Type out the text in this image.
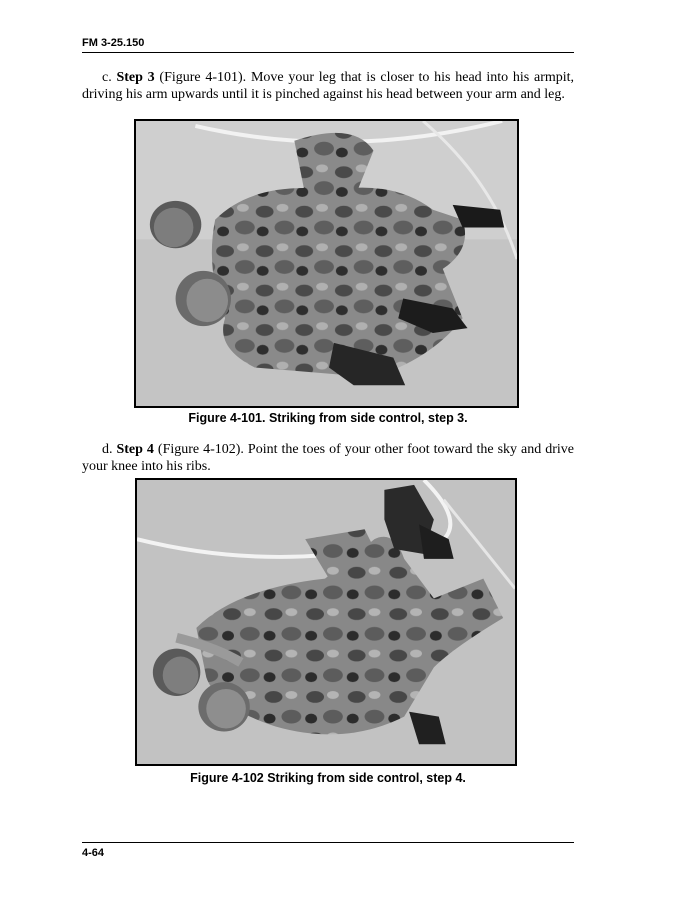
FM 3-25.150

c. Step 3 (Figure 4-101). Move your leg that is closer to his head into his armpit, driving his arm upwards until it is pinched against his head between your arm and leg.

Figure 4-101. Striking from side control, step 3.

d. Step 4 (Figure 4-102). Point the toes of your other foot toward the sky and drive your knee into his ribs.

Figure 4-102 Striking from side control, step 4.
4-64
